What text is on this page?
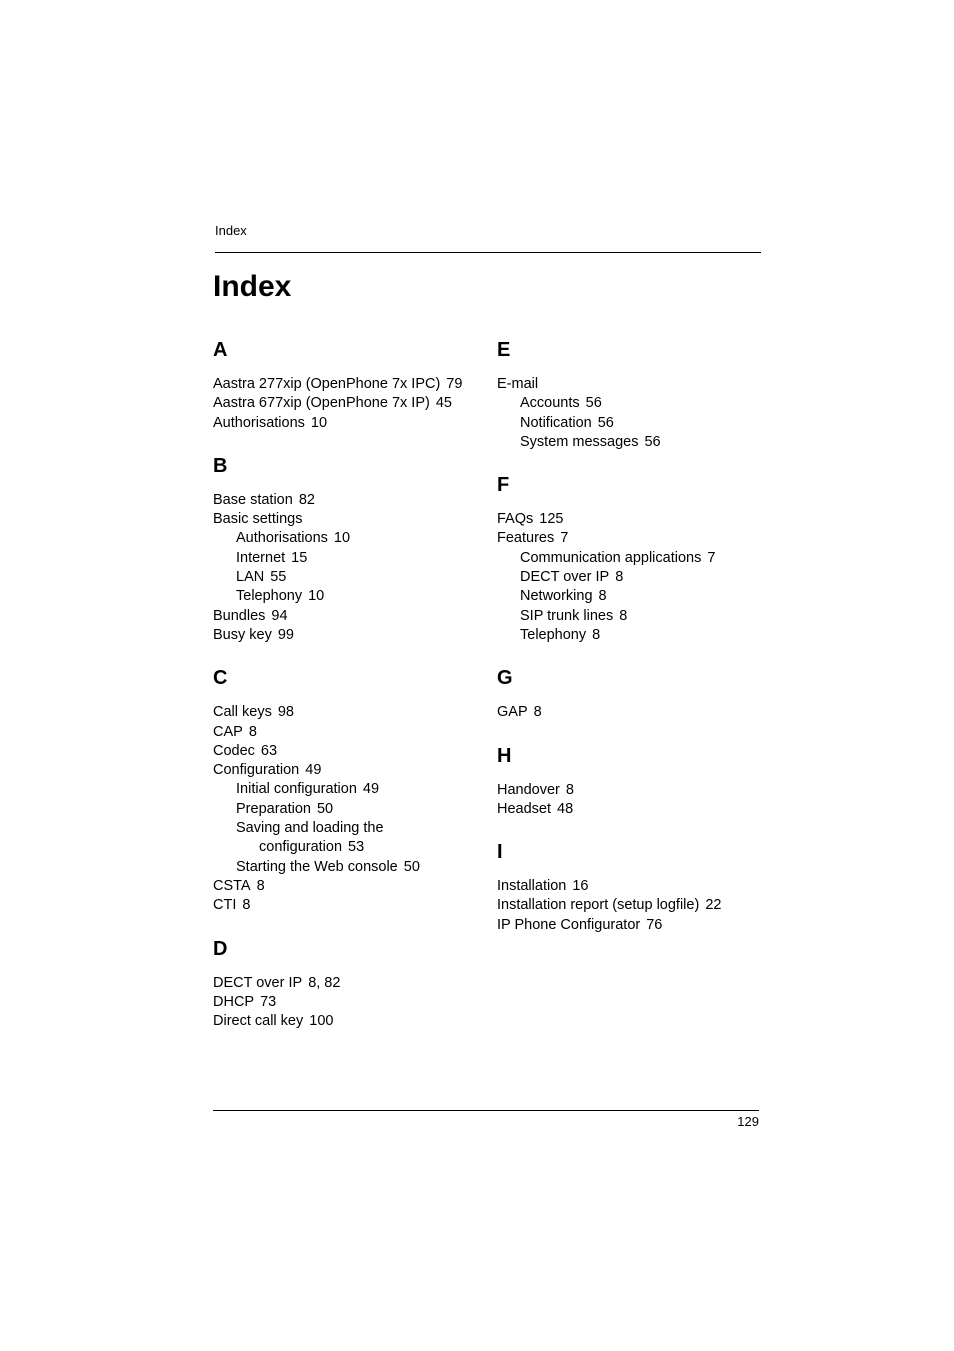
Index
Index
A
Aastra 277xip (OpenPhone 7x IPC) 79
Aastra 677xip (OpenPhone 7x IP) 45
Authorisations 10
B
Base station 82
Basic settings
Authorisations 10
Internet 15
LAN 55
Telephony 10
Bundles 94
Busy key 99
C
Call keys 98
CAP 8
Codec 63
Configuration 49
Initial configuration 49
Preparation 50
Saving and loading the
configuration 53
Starting the Web console 50
CSTA 8
CTI 8
D
DECT over IP 8, 82
DHCP 73
Direct call key 100
E
E-mail
Accounts 56
Notification 56
System messages 56
F
FAQs 125
Features 7
Communication applications 7
DECT over IP 8
Networking 8
SIP trunk lines 8
Telephony 8
G
GAP 8
H
Handover 8
Headset 48
I
Installation 16
Installation report (setup logfile) 22
IP Phone Configurator 76
129
